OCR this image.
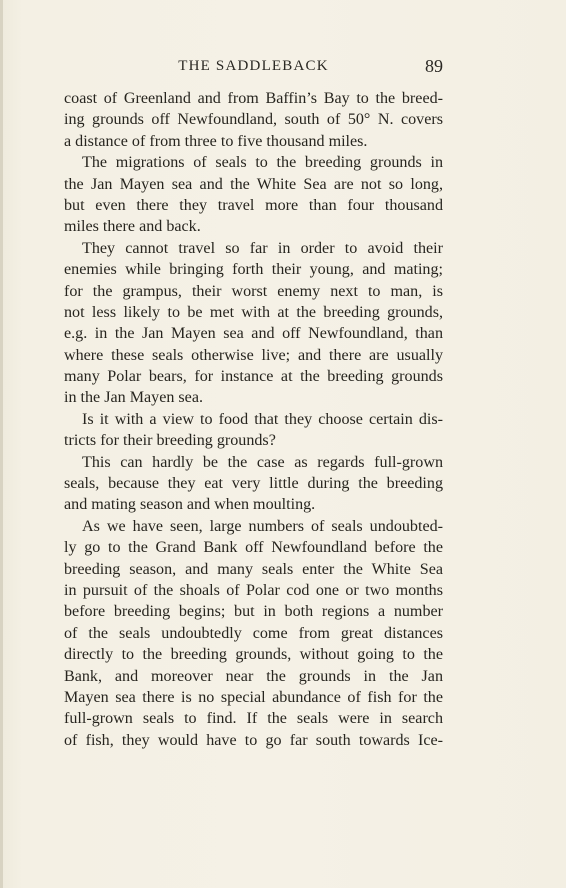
THE SADDLEBACK	89
coast of Greenland and from Baffin’s Bay to the breed-
ing grounds off Newfoundland, south of 50° N. covers
a distance of from three to five thousand miles.
The migrations of seals to the breeding grounds in
the Jan Mayen sea and the White Sea are not so long,
but even there they travel more than four thousand
miles there and back.
They cannot travel so far in order to avoid their
enemies while bringing forth their young, and mating;
for the grampus, their worst enemy next to man, is
not less likely to be met with at the breeding grounds,
e.g. in the Jan Mayen sea and off Newfoundland, than
where these seals otherwise live; and there are usually
many Polar bears, for instance at the breeding grounds
in the Jan Mayen sea.
Is it with a view to food that they choose certain dis-
tricts for their breeding grounds?
This can hardly be the case as regards full-grown
seals, because they eat very little during the breeding
and mating season and when moulting.
As we have seen, large numbers of seals undoubted-
ly go to the Grand Bank off Newfoundland before the
breeding season, and many seals enter the White Sea
in pursuit of the shoals of Polar cod one or two months
before breeding begins; but in both regions a number
of the seals undoubtedly come from great distances
directly to the breeding grounds, without going to the
Bank, and moreover near the grounds in the Jan
Mayen sea there is no special abundance of fish for the
full-grown seals to find. If the seals were in search
of fish, they would have to go far south towards Ice-
